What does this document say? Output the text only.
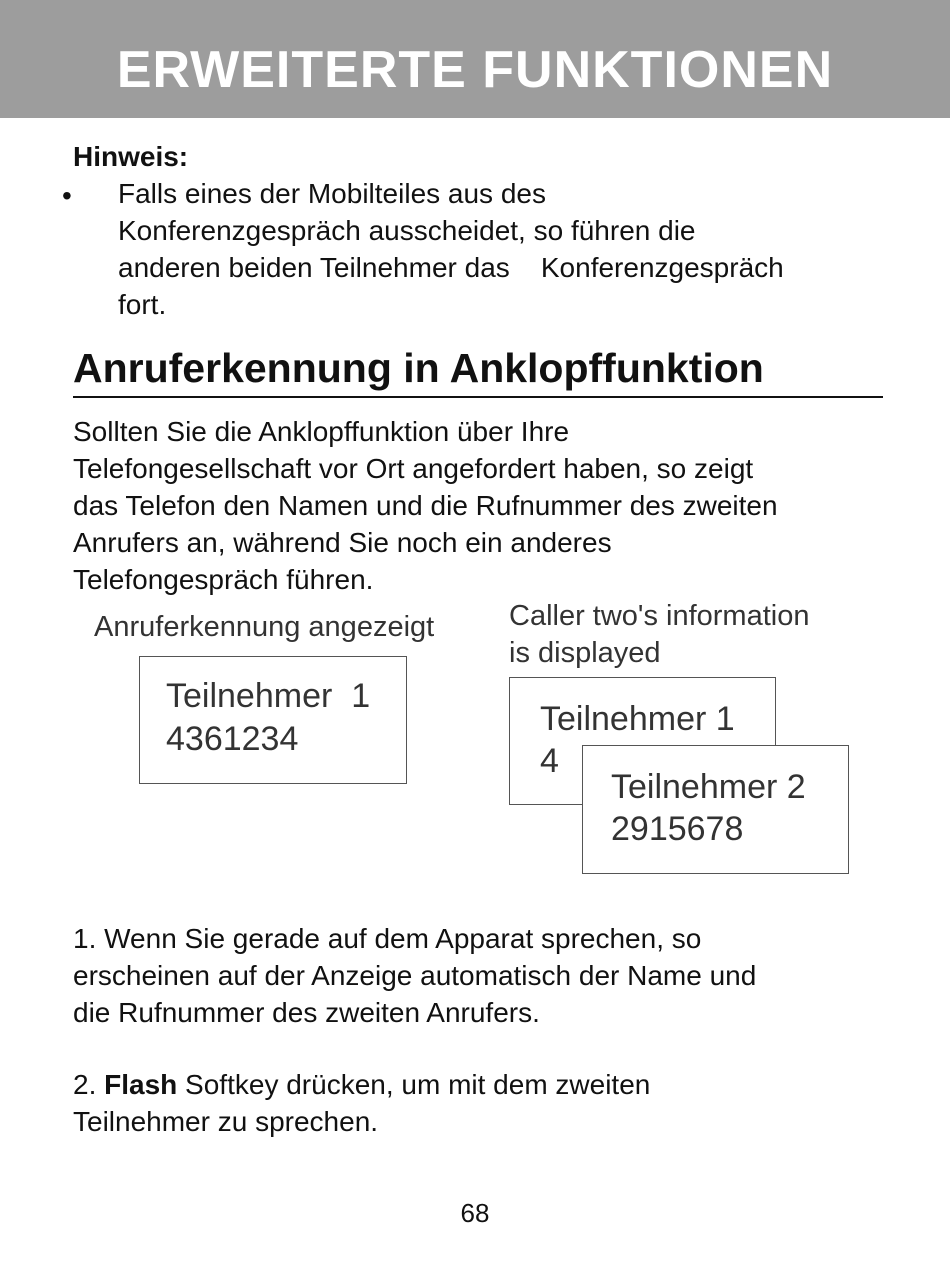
ERWEITERTE FUNKTIONEN
Hinweis:
• Falls eines der Mobilteiles aus des
Konferenzgespräch ausscheidet, so führen die
anderen beiden Teilnehmer das    Konferenzgespräch
fort.
Anruferkennung in Anklopffunktion
Sollten Sie die Anklopffunktion über Ihre
Telefongesellschaft vor Ort angefordert haben, so zeigt
das Telefon den Namen und die Rufnummer des zweiten
Anrufers an, während Sie noch ein anderes
Telefongespräch führen.
Anruferkennung angezeigt	Caller two's information
is displayed
Teilnehmer  1
4361234
Teilnehmer 1
4
Teilnehmer 2
2915678
1. Wenn Sie gerade auf dem Apparat sprechen, so
erscheinen auf der Anzeige automatisch der Name und
die Rufnummer des zweiten Anrufers.
2. Flash Softkey drücken, um mit dem zweiten
Teilnehmer zu sprechen.
68
